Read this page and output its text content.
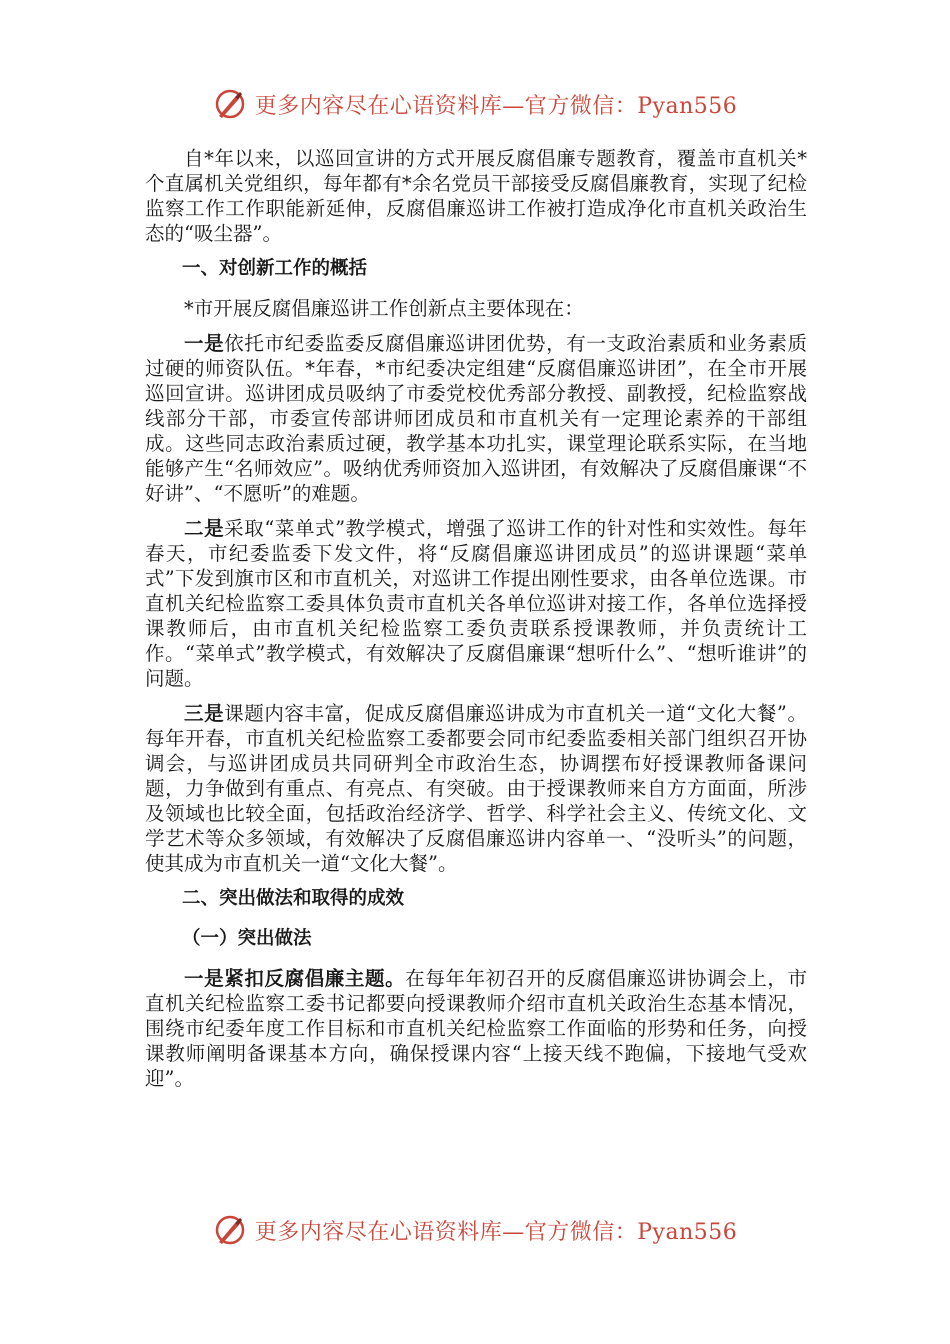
更多内容尽在心语资料库—官方微信：Pyan556

自*年以来，以巡回宣讲的方式开展反腐倡廉专题教育，覆盖市直机关*个直属机关党组织，每年都有*余名党员干部接受反腐倡廉教育，实现了纪检监察工作工作职能新延伸，反腐倡廉巡讲工作被打造成净化市直机关政治生态的“吸尘器”。

一、对创新工作的概括

*市开展反腐倡廉巡讲工作创新点主要体现在：

一是依托市纪委监委反腐倡廉巡讲团优势，有一支政治素质和业务素质过硬的师资队伍。*年春，*市纪委决定组建“反腐倡廉巡讲团”，在全市开展巡回宣讲。巡讲团成员吸纳了市委党校优秀部分教授、副教授，纪检监察战线部分干部，市委宣传部讲师团成员和市直机关有一定理论素养的干部组成。这些同志政治素质过硬，教学基本功扎实，课堂理论联系实际，在当地能够产生“名师效应”。吸纳优秀师资加入巡讲团，有效解决了反腐倡廉课“不好讲”、“不愿听”的难题。

二是采取“菜单式”教学模式，增强了巡讲工作的针对性和实效性。每年春天，市纪委监委下发文件，将“反腐倡廉巡讲团成员”的巡讲课题“菜单式”下发到旗市区和市直机关，对巡讲工作提出刚性要求，由各单位选课。市直机关纪检监察工委具体负责市直机关各单位巡讲对接工作，各单位选择授课教师后，由市直机关纪检监察工委负责联系授课教师，并负责统计工作。“菜单式”教学模式，有效解决了反腐倡廉课“想听什么”、“想听谁讲”的问题。

三是课题内容丰富，促成反腐倡廉巡讲成为市直机关一道“文化大餐”。每年开春，市直机关纪检监察工委都要会同市纪委监委相关部门组织召开协调会，与巡讲团成员共同研判全市政治生态，协调摆布好授课教师备课问题，力争做到有重点、有亮点、有突破。由于授课教师来自方方面面，所涉及领域也比较全面，包括政治经济学、哲学、科学社会主义、传统文化、文学艺术等众多领域，有效解决了反腐倡廉巡讲内容单一、“没听头”的问题，使其成为市直机关一道“文化大餐”。

二、突出做法和取得的成效

（一）突出做法

一是紧扣反腐倡廉主题。在每年年初召开的反腐倡廉巡讲协调会上，市直机关纪检监察工委书记都要向授课教师介绍市直机关政治生态基本情况，围绕市纪委年度工作目标和市直机关纪检监察工作面临的形势和任务，向授课教师阐明备课基本方向，确保授课内容“上接天线不跑偏，下接地气受欢迎”。

更多内容尽在心语资料库—官方微信：Pyan556
